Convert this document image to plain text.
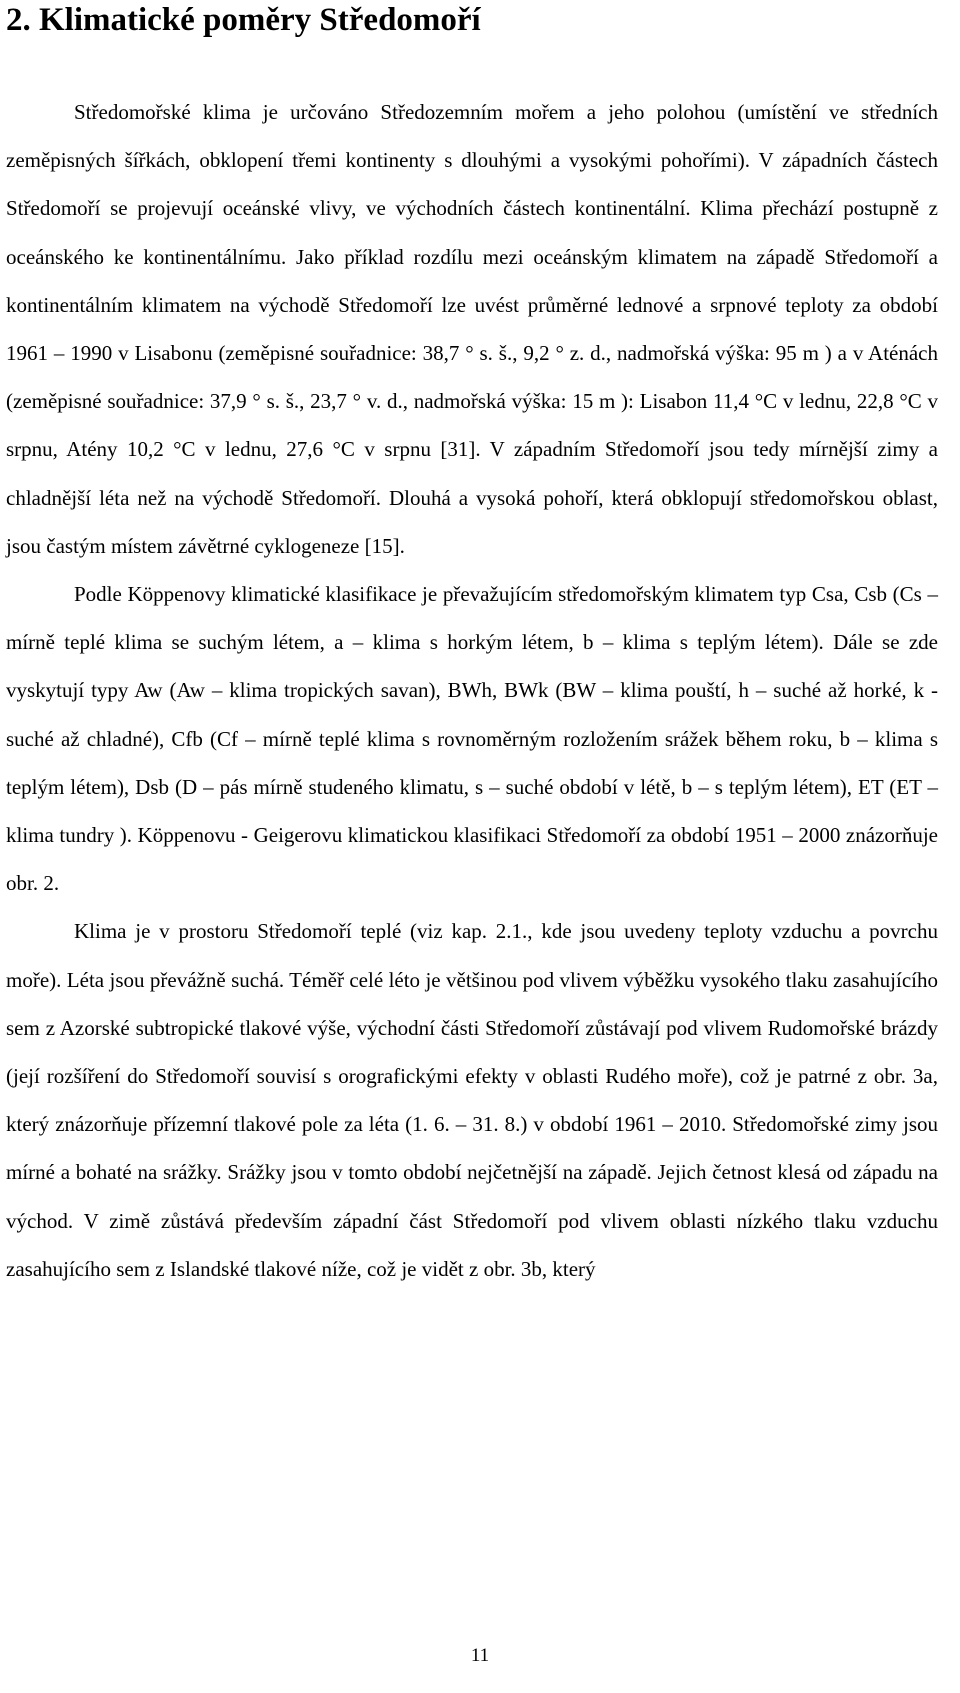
2. Klimatické poměry Středomoří

Středomořské klima je určováno Středozemním mořem a jeho polohou (umístění ve středních zeměpisných šířkách, obklopení třemi kontinenty s dlouhými a vysokými pohořími). V západních částech Středomoří se projevují oceánské vlivy, ve východních částech kontinentální. Klima přechází postupně z oceánského ke kontinentálnímu. Jako příklad rozdílu mezi oceánským klimatem na západě Středomoří a kontinentálním klimatem na východě Středomoří lze uvést průměrné lednové a srpnové teploty za období 1961 – 1990 v Lisabonu (zeměpisné souřadnice: 38,7 ° s. š., 9,2 ° z. d., nadmořská výška: 95 m ) a v Aténách (zeměpisné souřadnice: 37,9 ° s. š., 23,7 ° v. d., nadmořská výška: 15 m ): Lisabon 11,4 °C v lednu, 22,8 °C v srpnu, Atény 10,2 °C v lednu, 27,6 °C v srpnu [31]. V západním Středomoří jsou tedy mírnější zimy a chladnější léta než na východě Středomoří. Dlouhá a vysoká pohoří, která obklopují středomořskou oblast, jsou častým místem závětrné cyklogeneze [15].

Podle Köppenovy klimatické klasifikace je převažujícím středomořským klimatem typ Csa, Csb (Cs – mírně teplé klima se suchým létem, a – klima s horkým létem, b – klima s teplým létem). Dále se zde vyskytují typy Aw (Aw – klima tropických savan), BWh, BWk (BW – klima pouští, h – suché až horké, k - suché až chladné), Cfb (Cf – mírně teplé klima s rovnoměrným rozložením srážek během roku, b – klima s teplým létem), Dsb (D – pás mírně studeného klimatu, s – suché období v létě, b – s teplým létem), ET (ET – klima tundry ). Köppenovu - Geigerovu klimatickou klasifikaci Středomoří za období 1951 – 2000 znázorňuje obr. 2.

Klima je v prostoru Středomoří teplé (viz kap. 2.1., kde jsou uvedeny teploty vzduchu a povrchu moře). Léta jsou převážně suchá. Téměř celé léto je většinou pod vlivem výběžku vysokého tlaku zasahujícího sem z Azorské subtropické tlakové výše, východní části Středomoří zůstávají pod vlivem Rudomořské brázdy (její rozšíření do Středomoří souvisí s orografickými efekty v oblasti Rudého moře), což je patrné z obr. 3a, který znázorňuje přízemní tlakové pole za léta (1. 6. – 31. 8.) v období 1961 – 2010. Středomořské zimy jsou mírné a bohaté na srážky. Srážky jsou v tomto období nejčetnější na západě. Jejich četnost klesá od západu na východ. V zimě zůstává především západní část Středomoří pod vlivem oblasti nízkého tlaku vzduchu zasahujícího sem z Islandské tlakové níže, což je vidět z obr. 3b, který

11
